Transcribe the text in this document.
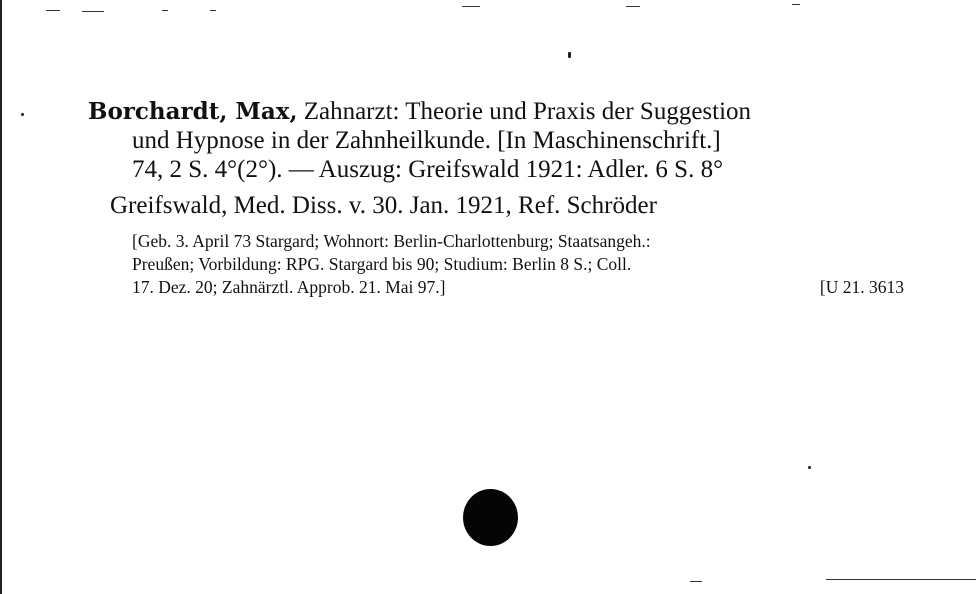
Borchardt, Max, Zahnarzt: Theorie und Praxis der Suggestion
und Hypnose in der Zahnheilkunde. [In Maschinenschrift.]
74, 2 S. 4°(2°). — Auszug: Greifswald 1921: Adler. 6 S. 8°
Greifswald, Med. Diss. v. 30. Jan. 1921, Ref. Schröder
[Geb. 3. April 73 Stargard; Wohnort: Berlin-Charlottenburg; Staatsangeh.:
Preußen; Vorbildung: RPG. Stargard bis 90; Studium: Berlin 8 S.; Coll.
17. Dez. 20; Zahnärztl. Approb. 21. Mai 97.]	[U 21. 3613
